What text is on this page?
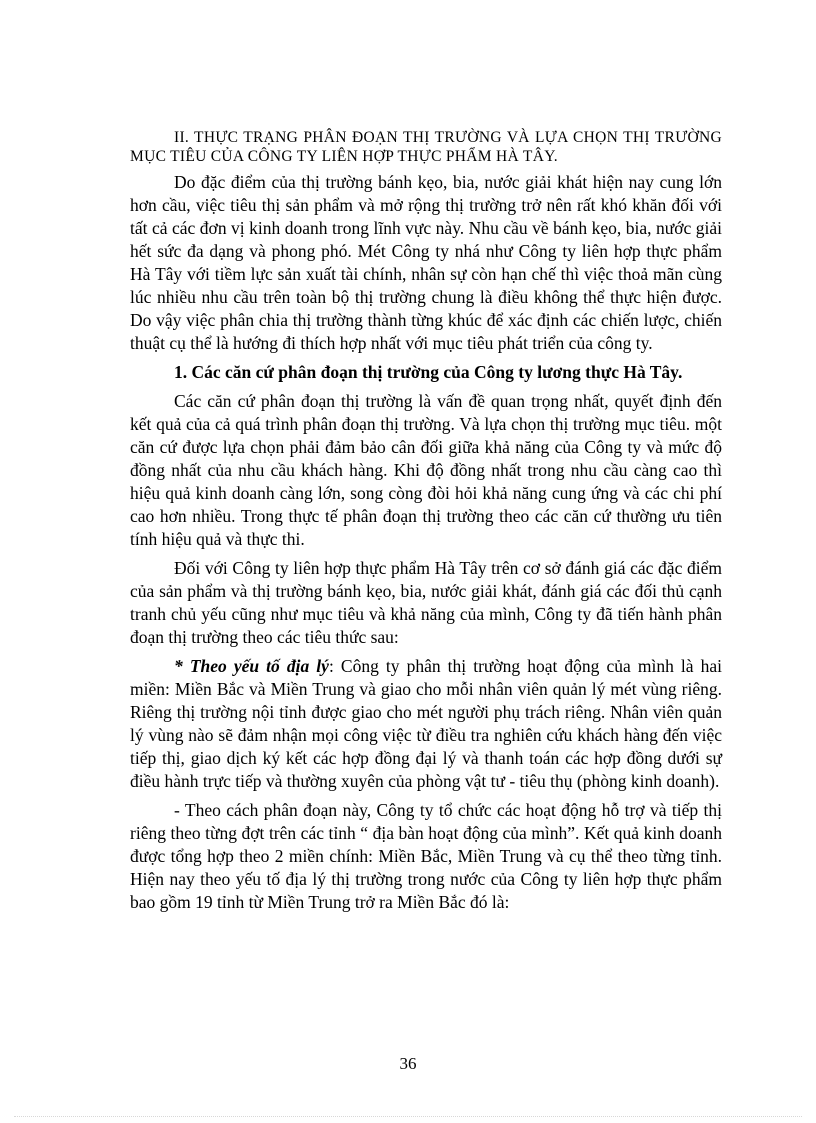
II. THỰC TRẠNG PHÂN ĐOẠN THỊ TRƯỜNG VÀ LỰA CHỌN THỊ TRƯỜNG MỤC TIÊU CỦA CÔNG TY LIÊN HỢP THỰC PHẨM HÀ TÂY.

Do đặc điểm của thị trường bánh kẹo, bia, nước giải khát hiện nay cung lớn hơn cầu, việc tiêu thị sản phẩm và mở rộng thị trường trở nên rất khó khăn đối với tất cả các đơn vị kinh doanh trong lĩnh vực này. Nhu cầu về bánh kẹo, bia, nước giải hết sức đa dạng và phong phó. Mét Công ty nhá như Công ty liên hợp thực phẩm Hà Tây với tiềm lực sản xuất tài chính, nhân sự còn hạn chế thì việc thoả mãn cùng lúc nhiều nhu cầu trên toàn bộ thị trường chung là điều không thể thực hiện được. Do vậy việc phân chia thị trường thành từng khúc để xác định các chiến lược, chiến thuật cụ thể là hướng đi thích hợp nhất với mục tiêu phát triển của công ty.

1. Các căn cứ phân đoạn thị trường của Công ty lương thực Hà Tây.

Các căn cứ phân đoạn thị trường là vấn đề quan trọng nhất, quyết định đến kết quả của cả quá trình phân đoạn thị trường. Và lựa chọn thị trường mục tiêu. một căn cứ được lựa chọn phải đảm bảo cân đối giữa khả năng của Công ty và mức độ đồng nhất của nhu cầu khách hàng. Khi độ đồng nhất trong nhu cầu càng cao thì hiệu quả kinh doanh càng lớn, song còng đòi hỏi khả năng cung ứng và các chi phí cao hơn nhiều. Trong thực tế phân đoạn thị trường theo các căn cứ thường ưu tiên tính hiệu quả và thực thi.

Đối với Công ty liên hợp thực phẩm Hà Tây trên cơ sở đánh giá các đặc điểm của sản phẩm và thị trường bánh kẹo, bia, nước giải khát, đánh giá các đối thủ cạnh tranh chủ yếu cũng như mục tiêu và khả năng của mình, Công ty đã tiến hành phân đoạn thị trường theo các tiêu thức sau:

* Theo yếu tố địa lý: Công ty phân thị trường hoạt động của mình là hai miền: Miền Bắc và Miền Trung và giao cho mỗi nhân viên quản lý mét vùng riêng. Riêng thị trường nội tỉnh được giao cho mét người phụ trách riêng. Nhân viên quản lý vùng nào sẽ đảm nhận mọi công việc từ điều tra nghiên cứu khách hàng đến việc tiếp thị, giao dịch ký kết các hợp đồng đại lý và thanh toán các hợp đồng dưới sự điều hành trực tiếp và thường xuyên của phòng vật tư - tiêu thụ (phòng kinh doanh).

- Theo cách phân đoạn này, Công ty tổ chức các hoạt động hỗ trợ và tiếp thị riêng theo từng đợt trên các tỉnh “ địa bàn hoạt động của mình”. Kết quả kinh doanh được tổng hợp theo 2 miền chính: Miền Bắc, Miền Trung và cụ thể theo từng tỉnh. Hiện nay theo yếu tố địa lý thị trường trong nước của Công ty liên hợp thực phẩm bao gồm 19 tỉnh từ Miền Trung trở ra Miền Bắc đó là:

36
